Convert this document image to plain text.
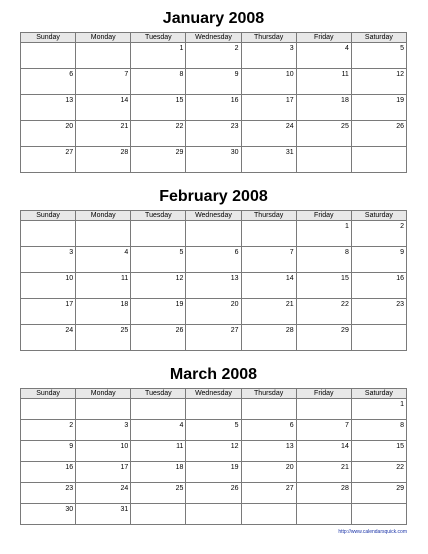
January 2008
Sunday	Monday	Tuesday	Wednesday	Thursday	Friday	Saturday
		1	2	3	4	5
6	7	8	9	10	11	12
13	14	15	16	17	18	19
20	21	22	23	24	25	26
27	28	29	30	31		
February 2008
Sunday	Monday	Tuesday	Wednesday	Thursday	Friday	Saturday
					1	2
3	4	5	6	7	8	9
10	11	12	13	14	15	16
17	18	19	20	21	22	23
24	25	26	27	28	29	
March 2008
Sunday	Monday	Tuesday	Wednesday	Thursday	Friday	Saturday
						1
2	3	4	5	6	7	8
9	10	11	12	13	14	15
16	17	18	19	20	21	22
23	24	25	26	27	28	29
30	31					
http://www.calendarsquick.com
